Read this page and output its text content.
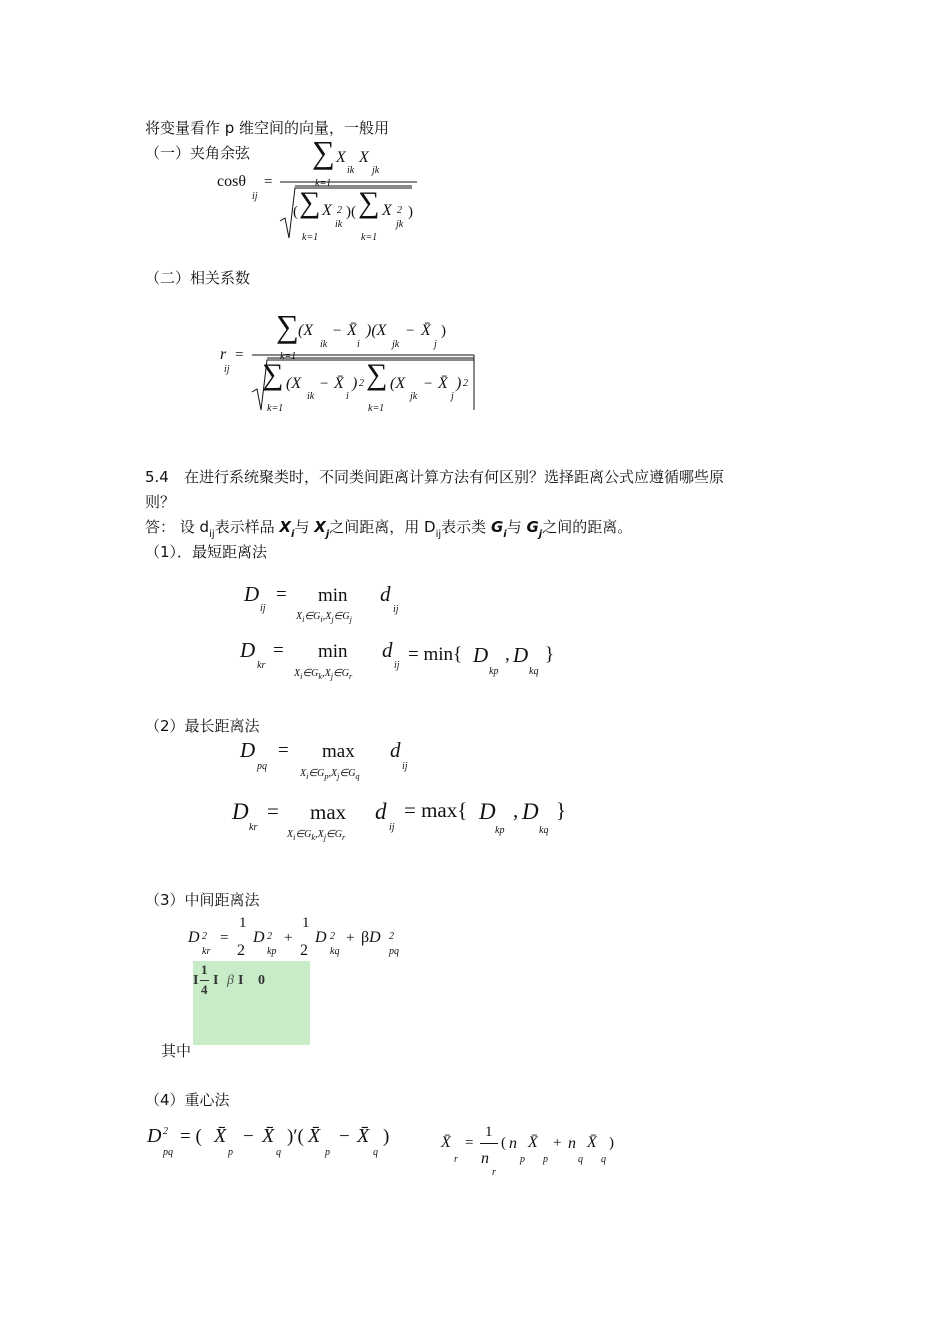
将变量看作 p 维空间的向量，一般用
（一）夹角余弦 ∑ X X
ik jk
k=1
cosθ
ij
=
( ∑ X 2
ik
)( ∑ X 2
jk
)
k=1	k=1
（二）相关系数
∑ (X
ik
− X̄
i
)(X
jk
− X̄
j
)
k=1
r
ij
=
∑ (X
ik
− X̄
i
) 2 ∑ (X
jk
− X̄
j
) 2
k=1	k=1
5.4 在进行系统聚类时，不同类间距离计算方法有何区别？选择距离公式应遵循哪些原
则？
答： 设 $d_{ij}$表示样品 $X_i$与 $X_j$之间距离，用 $D_{ij}$表示类 $G_i$与 $G_j$之间的距离。
（1）．最短距离法
D
ij
= min
$X_i\in G_i,X_j\in G_j$
d
ij
D
kr
= min
$X_i\in G_k,X_j\in G_r$
d
ij
= min{ D
kp
, D
kq
}
（2）最长距离法
D
pq
= max
$X_i\in G_p,X_j\in G_q$
d
ij
D
kr
= max
$X_i\in G_k,X_j\in G_r$
d
ij
= max{ D
kp
, D
kq
}
（3）中间距离法
D 2
kr
=
1
2
D 2
kp
+
1
2
D 2
kq
+ βD 2
pq
I
1
4
I β I 0
其中
（4）重心法
D 2
pq
= ( X̄
p
− X̄
q
)′( X̄
p
− X̄
q
)	X̄
r
=
1
n
r
( n
p
X̄
p
+ n
q
X̄
q
)
